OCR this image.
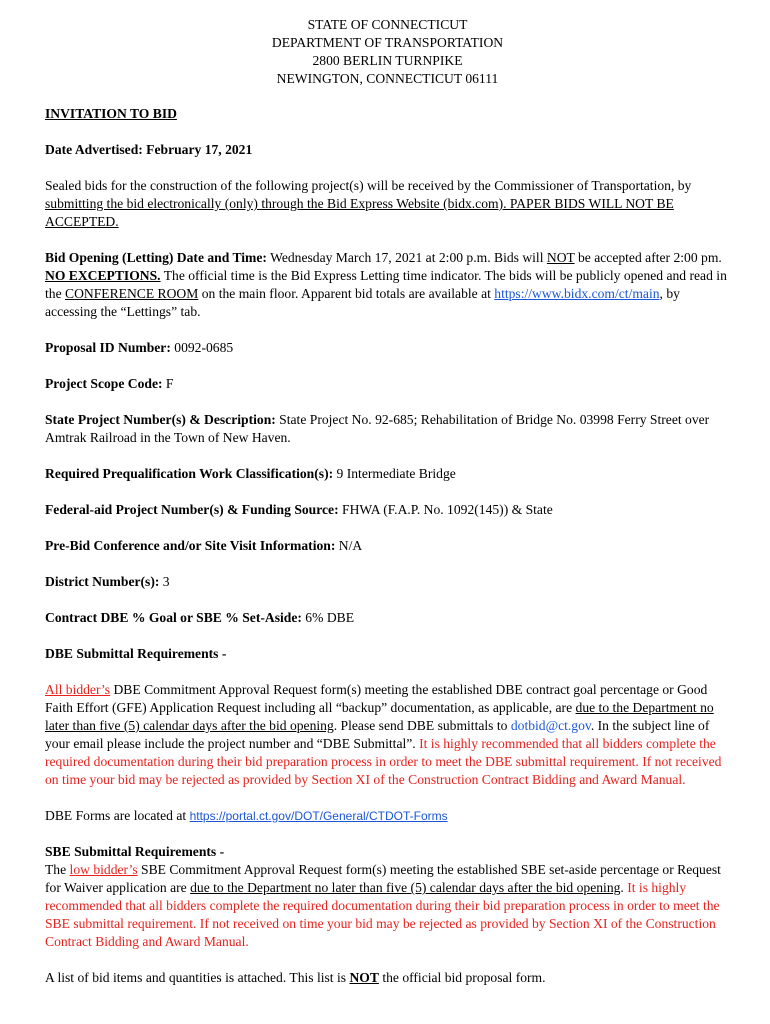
STATE OF CONNECTICUT
DEPARTMENT OF TRANSPORTATION
2800 BERLIN TURNPIKE
NEWINGTON, CONNECTICUT 06111

INVITATION TO BID

Date Advertised: February 17, 2021

Sealed bids for the construction of the following project(s) will be received by the Commissioner of Transportation, by submitting the bid electronically (only) through the Bid Express Website (bidx.com). PAPER BIDS WILL NOT BE ACCEPTED.

Bid Opening (Letting) Date and Time: Wednesday March 17, 2021 at 2:00 p.m. Bids will NOT be accepted after 2:00 pm. NO EXCEPTIONS. The official time is the Bid Express Letting time indicator. The bids will be publicly opened and read in the CONFERENCE ROOM on the main floor. Apparent bid totals are available at https://www.bidx.com/ct/main, by accessing the “Lettings” tab.

Proposal ID Number: 0092-0685

Project Scope Code: F

State Project Number(s) & Description: State Project No. 92-685; Rehabilitation of Bridge No. 03998 Ferry Street over Amtrak Railroad in the Town of New Haven.

Required Prequalification Work Classification(s): 9 Intermediate Bridge

Federal-aid Project Number(s) & Funding Source: FHWA (F.A.P. No. 1092(145)) & State

Pre-Bid Conference and/or Site Visit Information: N/A

District Number(s): 3

Contract DBE % Goal or SBE % Set-Aside: 6% DBE

DBE Submittal Requirements -

All bidder’s DBE Commitment Approval Request form(s) meeting the established DBE contract goal percentage or Good Faith Effort (GFE) Application Request including all “backup” documentation, as applicable, are due to the Department no later than five (5) calendar days after the bid opening. Please send DBE submittals to dotbid@ct.gov. In the subject line of your email please include the project number and “DBE Submittal”. It is highly recommended that all bidders complete the required documentation during their bid preparation process in order to meet the DBE submittal requirement. If not received on time your bid may be rejected as provided by Section XI of the Construction Contract Bidding and Award Manual.

DBE Forms are located at https://portal.ct.gov/DOT/General/CTDOT-Forms

SBE Submittal Requirements -

The low bidder’s SBE Commitment Approval Request form(s) meeting the established SBE set-aside percentage or Request for Waiver application are due to the Department no later than five (5) calendar days after the bid opening. It is highly recommended that all bidders complete the required documentation during their bid preparation process in order to meet the SBE submittal requirement. If not received on time your bid may be rejected as provided by Section XI of the Construction Contract Bidding and Award Manual.

A list of bid items and quantities is attached. This list is NOT the official bid proposal form.
